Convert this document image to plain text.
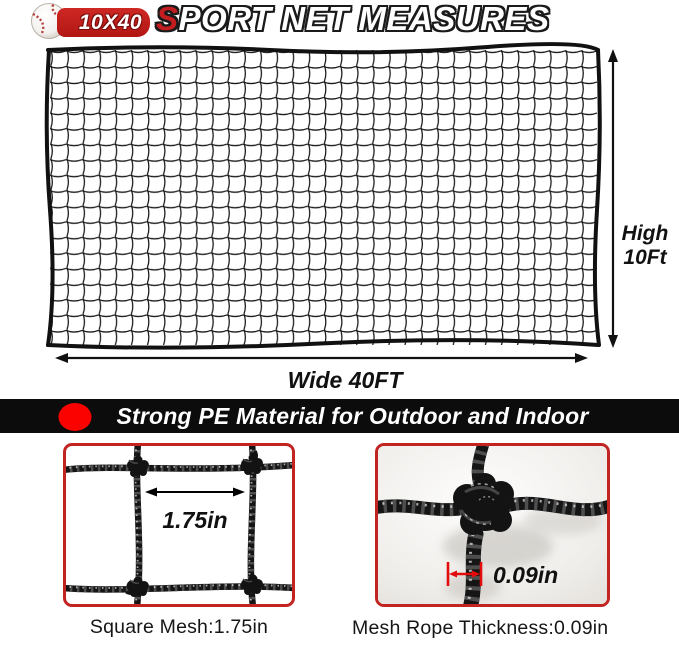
10X40 SPORT NET MEASURES
High
10Ft
Wide 40FT
Strong PE Material for Outdoor and Indoor
1.75in
0.09in
Square Mesh:1.75in	Mesh Rope Thickness:0.09in
